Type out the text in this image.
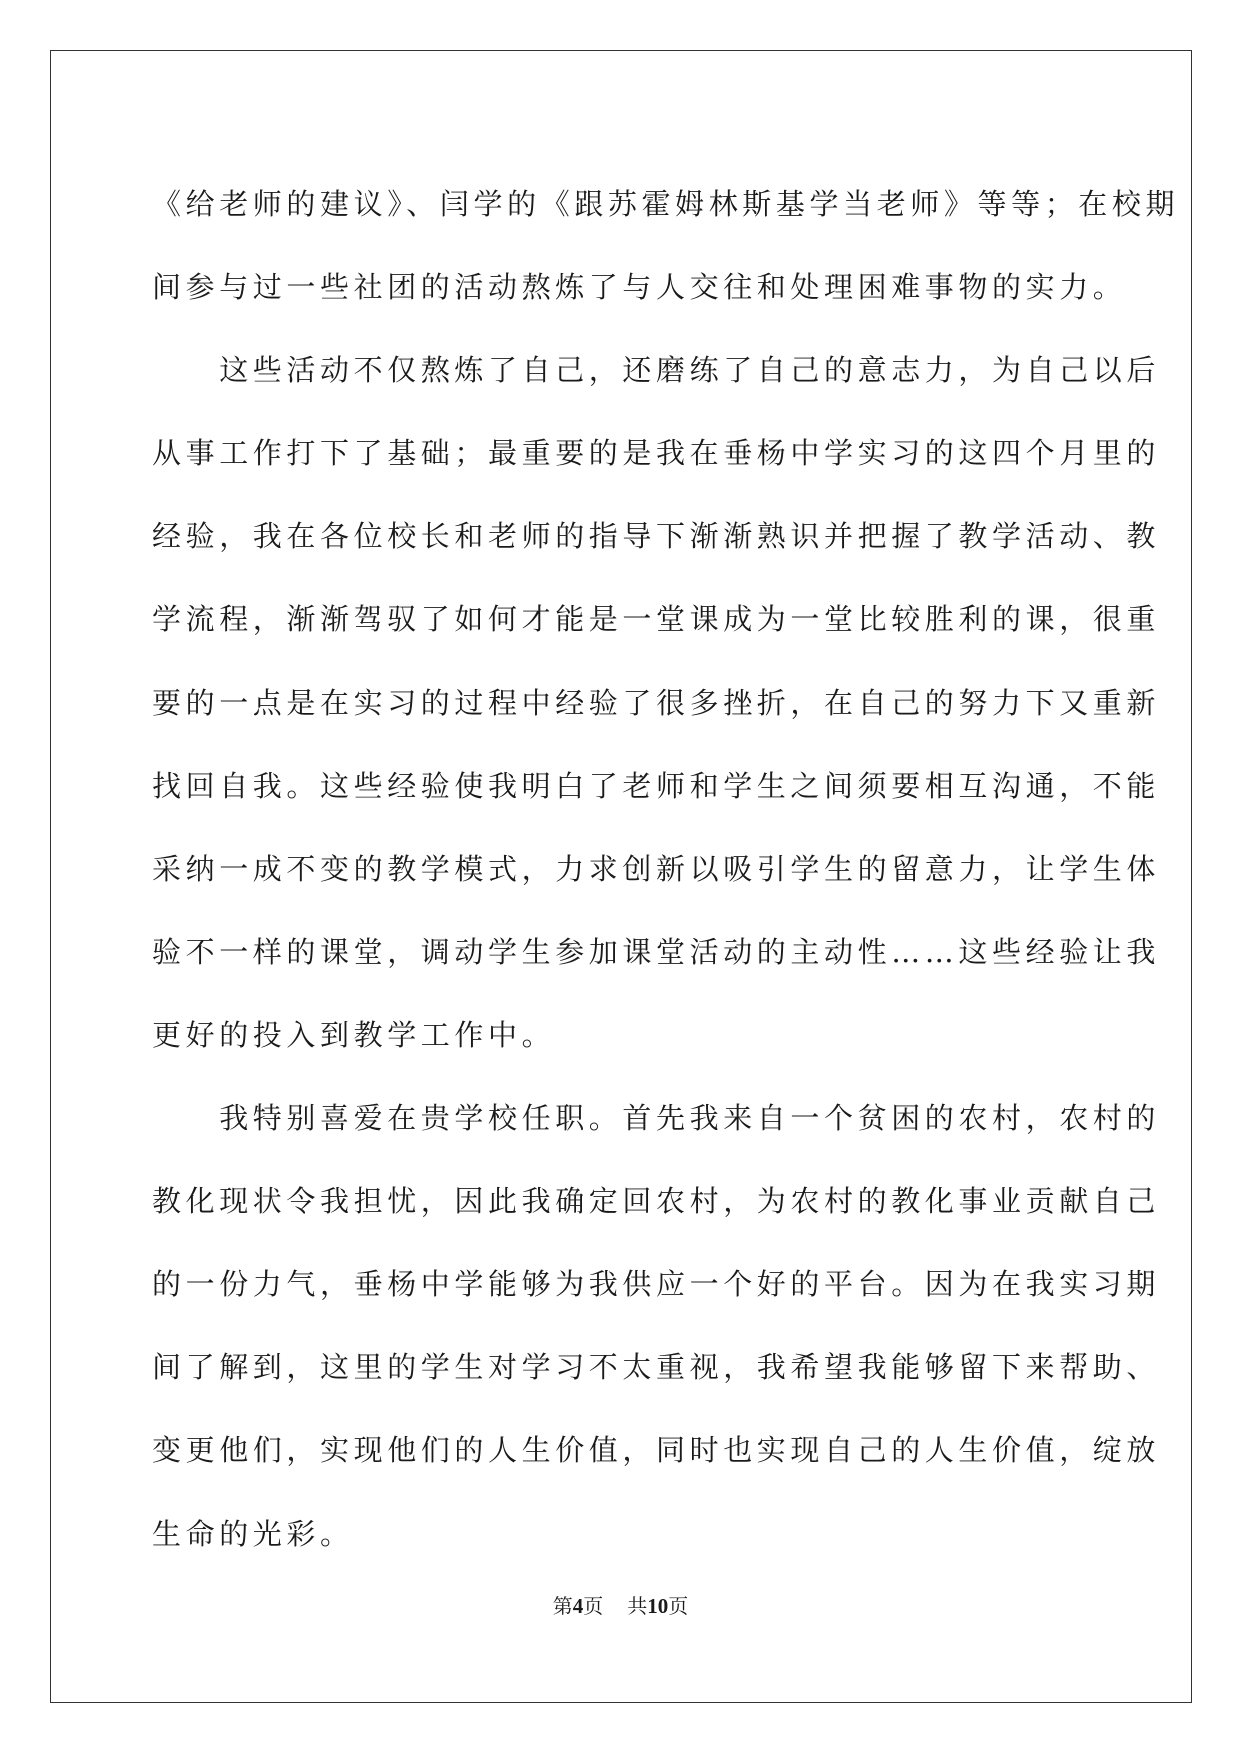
《给老师的建议》、闫学的《跟苏霍姆林斯基学当老师》等等；在校期
间参与过一些社团的活动熬炼了与人交往和处理困难事物的实力。
　　这些活动不仅熬炼了自己，还磨练了自己的意志力，为自己以后
从事工作打下了基础；最重要的是我在垂杨中学实习的这四个月里的
经验，我在各位校长和老师的指导下渐渐熟识并把握了教学活动、教
学流程，渐渐驾驭了如何才能是一堂课成为一堂比较胜利的课，很重
要的一点是在实习的过程中经验了很多挫折，在自己的努力下又重新
找回自我。这些经验使我明白了老师和学生之间须要相互沟通，不能
采纳一成不变的教学模式，力求创新以吸引学生的留意力，让学生体
验不一样的课堂，调动学生参加课堂活动的主动性……这些经验让我
更好的投入到教学工作中。
　　我特别喜爱在贵学校任职。首先我来自一个贫困的农村，农村的
教化现状令我担忧，因此我确定回农村，为农村的教化事业贡献自己
的一份力气，垂杨中学能够为我供应一个好的平台。因为在我实习期
间了解到，这里的学生对学习不太重视，我希望我能够留下来帮助、
变更他们，实现他们的人生价值，同时也实现自己的人生价值，绽放
生命的光彩。
第4页 共10页
